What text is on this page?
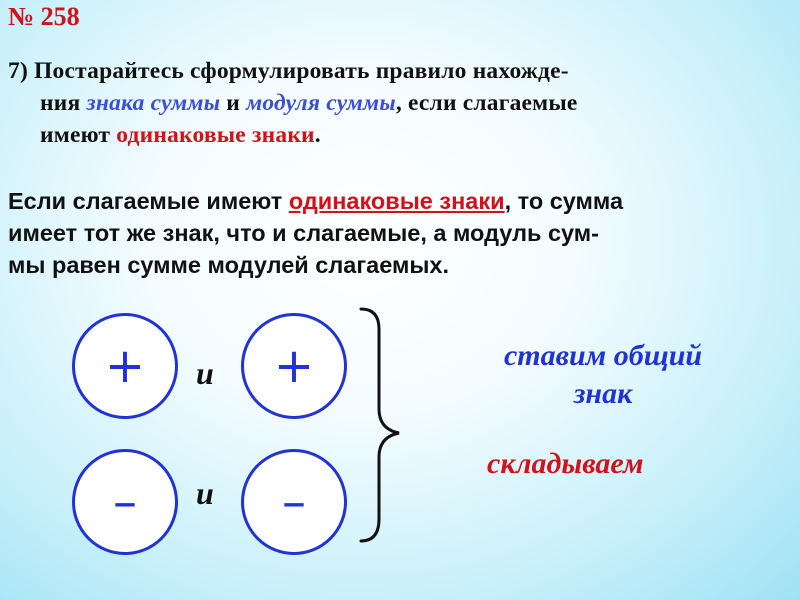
№ 258
7) Постарайтесь сформулировать правило нахожде-
ния знака суммы и модуля суммы, если слагаемые
имеют одинаковые знаки.
Если слагаемые имеют одинаковые знаки, то сумма
имеет тот же знак, что и слагаемые, а модуль сум-
мы равен сумме модулей слагаемых.
+	и	+
–	и	–
ставим общий
знак
складываем
